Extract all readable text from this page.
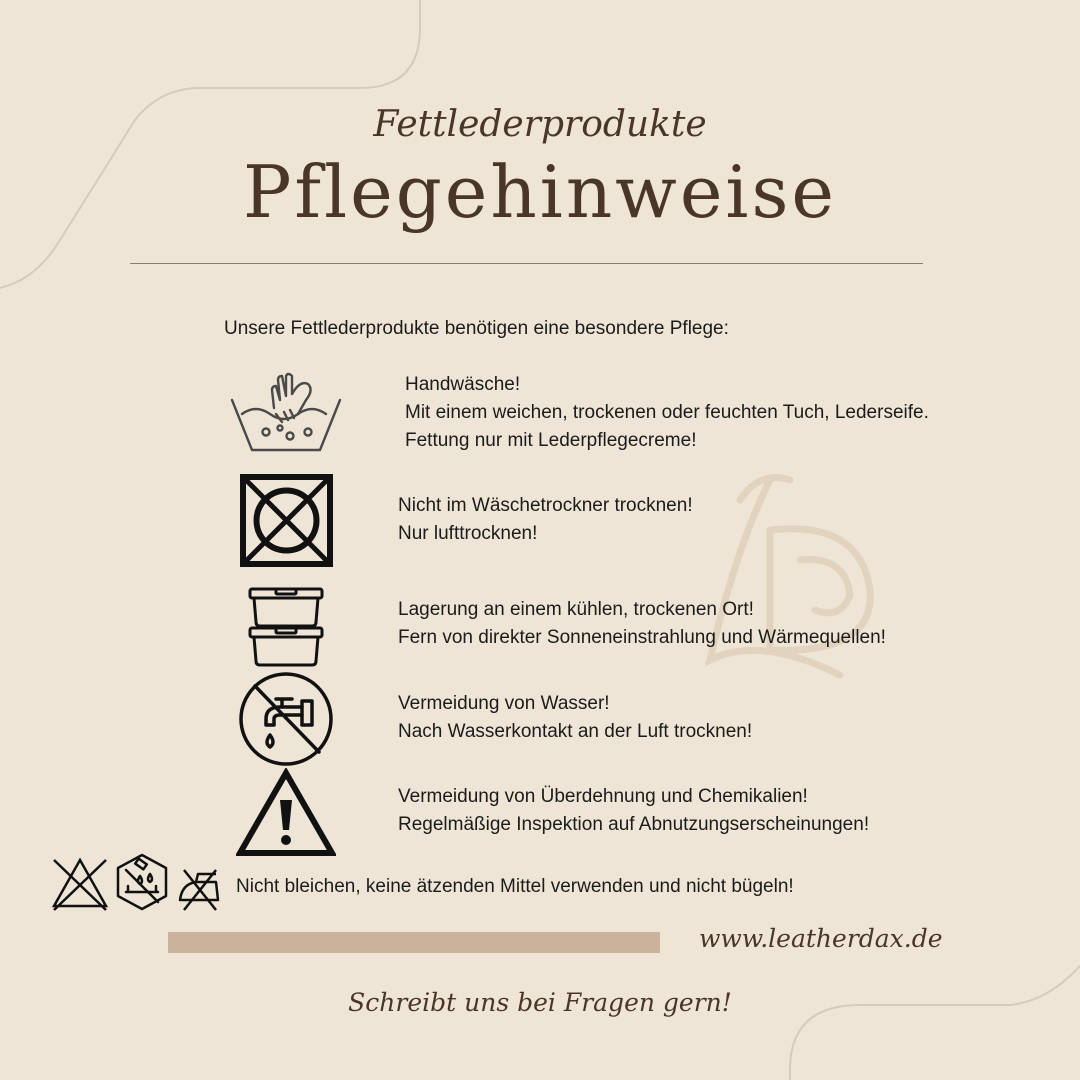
Fettlederprodukte
Pflegehinweise
Unsere Fettlederprodukte benötigen eine besondere Pflege:
Handwäsche!
Mit einem weichen, trockenen oder feuchten Tuch, Lederseife.
Fettung nur mit Lederpflegecreme!
Nicht im Wäschetrockner trocknen!
Nur lufttrocknen!
Lagerung an einem kühlen, trockenen Ort!
Fern von direkter Sonneneinstrahlung und Wärmequellen!
Vermeidung von Wasser!
Nach Wasserkontakt an der Luft trocknen!
Vermeidung von Überdehnung und Chemikalien!
Regelmäßige Inspektion auf Abnutzungserscheinungen!
Nicht bleichen, keine ätzenden Mittel verwenden und nicht bügeln!
www.leatherdax.de
Schreibt uns bei Fragen gern!
